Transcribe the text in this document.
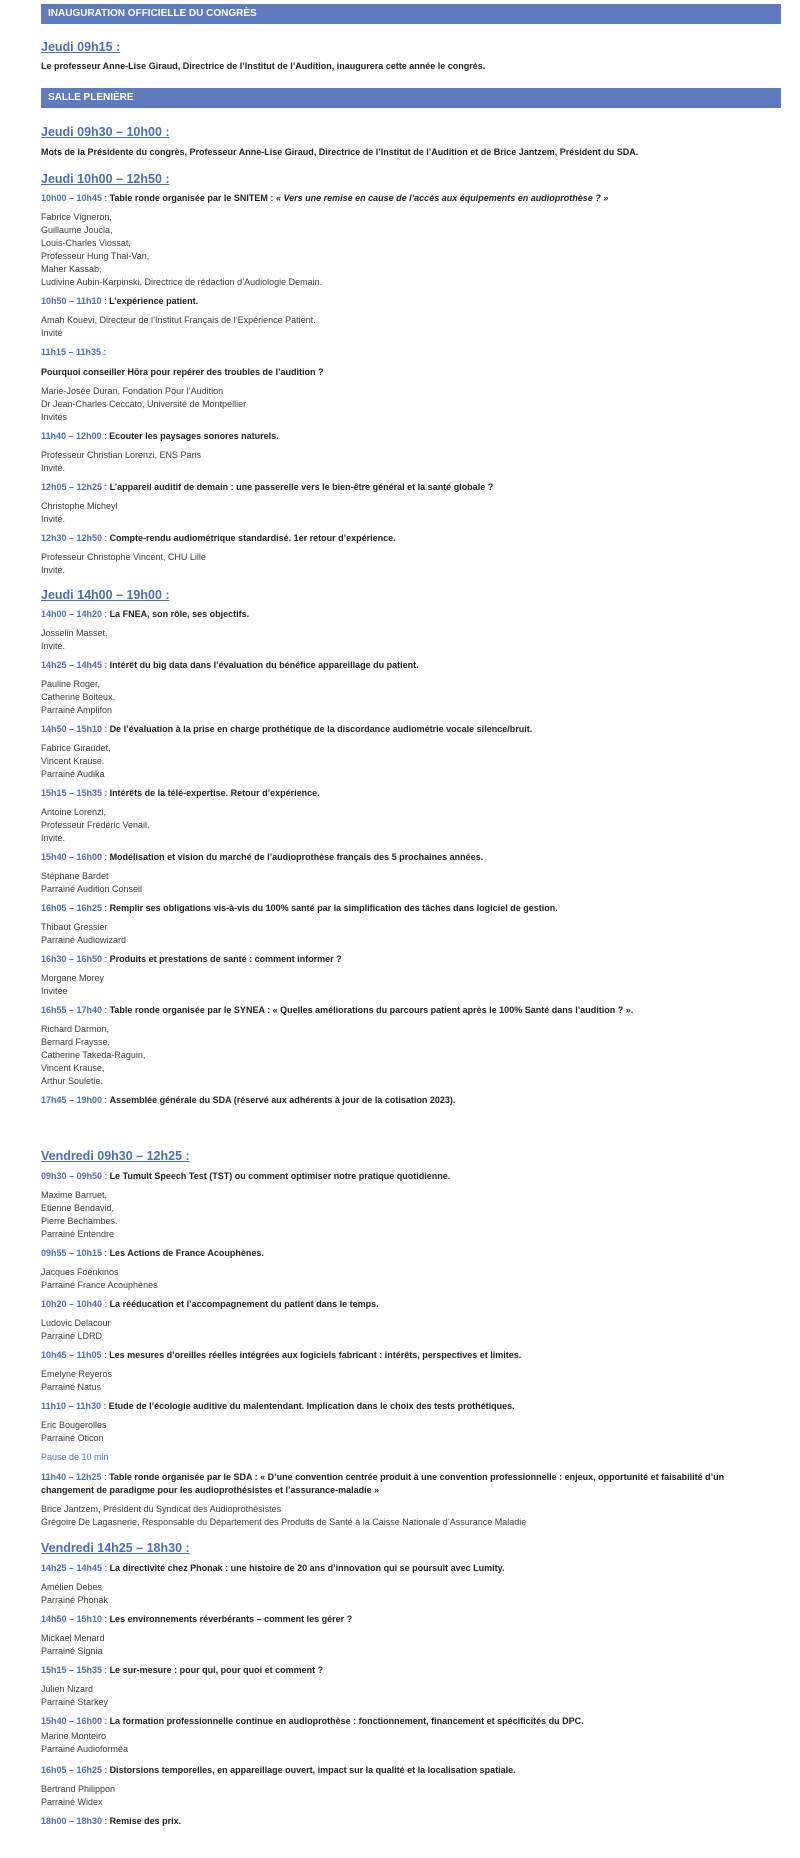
INAUGURATION OFFICIELLE DU CONGRÈS
Jeudi 09h15 :
Le professeur Anne-Lise Giraud, Directrice de l’Institut de l’Audition, inaugurera cette année le congrès.
SALLE PLENIÈRE
Jeudi 09h30 – 10h00 :
Mots de la Présidente du congrès, Professeur Anne-Lise Giraud, Directrice de l’Institut de l’Audition et de Brice Jantzem, Président du SDA.
Jeudi 10h00 – 12h50 :
10h00 – 10h45 : Table ronde organisée par le SNITEM : « Vers une remise en cause de l’accès aux équipements en audioprothèse ? »
Fabrice Vigneron,
Guillaume Joucla,
Louis-Charles Viossat,
Professeur Hung Thai-Van,
Maher Kassab,
Ludivine Aubin-Karpinski, Directrice de rédaction d’Audiologie Demain.
10h50 – 11h10 : L’expérience patient.
Amah Kouevi, Directeur de l’Institut Français de l’Expérience Patient.
Invité
11h15 – 11h35 :
Pourquoi conseiller Hōra pour repérer des troubles de l’audition ?
Marie-Josée Duran, Fondation Pour l’Audition
Dr Jean-Charles Ceccato, Université de Montpellier
Invités
11h40 – 12h00 : Ecouter les paysages sonores naturels.
Professeur Christian Lorenzi, ENS Paris
Invité.
12h05 – 12h25 : L’appareil auditif de demain : une passerelle vers le bien-être général et la santé globale ?
Christophe Micheyl
Invité.
12h30 – 12h50 : Compte-rendu audiométrique standardisé. 1er retour d’expérience.
Professeur Christophe Vincent, CHU Lille
Invité.
Jeudi 14h00 – 19h00 :
14h00 – 14h20 : La FNEA, son rôle, ses objectifs.
Josselin Masset.
Invité.
14h25 – 14h45 : Intérêt du big data dans l’évaluation du bénéfice appareillage du patient.
Pauline Roger,
Catherine Boiteux.
Parrainé Amplifon
14h50 – 15h10 : De l’évaluation à la prise en charge prothétique de la discordance audiométrie vocale silence/bruit.
Fabrice Giraudet,
Vincent Krause.
Parrainé Audika
15h15 – 15h35 : Intérêts de la télé-expertise. Retour d’expérience.
Antoine Lorenzi,
Professeur Frédéric Venail.
Invité.
15h40 – 16h00 : Modélisation et vision du marché de l’audioprothèse français des 5 prochaines années.
Stéphane Bardet
Parrainé Audition Conseil
16h05 – 16h25 : Remplir ses obligations vis-à-vis du 100% santé par la simplification des tâches dans logiciel de gestion.
Thibaut Gressier
Parrainé Audiowizard
16h30 – 16h50 : Produits et prestations de santé : comment informer ?
Morgane Morey
Invitée
16h55 – 17h40 : Table ronde organisée par le SYNEA : « Quelles améliorations du parcours patient après le 100% Santé dans l’audition ? ».
Richard Darmon,
Bernard Fraysse,
Catherine Takeda-Raguin,
Vincent Krause,
Arthur Souletie.
17h45 – 19h00 : Assemblée générale du SDA (réservé aux adhérents à jour de la cotisation 2023).
Vendredi 09h30 – 12h25 :
09h30 – 09h50 : Le Tumult Speech Test (TST) ou comment optimiser notre pratique quotidienne.
Maxime Barruet,
Etienne Bendavid,
Pierre Bechambes.
Parrainé Entendre
09h55 – 10h15 : Les Actions de France Acouphènes.
Jacques Foënkinos
Parrainé France Acouphènes
10h20 – 10h40 : La rééducation et l’accompagnement du patient dans le temps.
Ludovic Delacour
Parrainé LDRD
10h45 – 11h05 : Les mesures d’oreilles réelles intégrées aux logiciels fabricant : intérêts, perspectives et limites.
Emelyne Reyeros
Parrainé Natus
11h10 – 11h30 : Etude de l’écologie auditive du malentendant. Implication dans le choix des tests prothétiques.
Eric Bougerolles
Parrainé Oticon
Pause de 10 min
11h40 – 12h25 : Table ronde organisée par le SDA : « D’une convention centrée produit à une convention professionnelle : enjeux, opportunité et faisabilité d’un
changement de paradigme pour les audioprothésistes et l’assurance-maladie »
Brice Jantzem, Président du Syndicat des Audioprothésistes
Grégoire De Lagasnerie, Responsable du Département des Produits de Santé à la Caisse Nationale d’Assurance Maladie
Vendredi 14h25 – 18h30 :
14h25 – 14h45 : La directivité chez Phonak : une histoire de 20 ans d’innovation qui se poursuit avec Lumity.
Amélien Debes
Parrainé Phonak
14h50 – 15h10 : Les environnements réverbérants – comment les gérer ?
Mickael Menard
Parrainé Signia
15h15 – 15h35 : Le sur-mesure : pour qui, pour quoi et comment ?
Julien Nizard
Parrainé Starkey
15h40 – 16h00 : La formation professionnelle continue en audioprothèse : fonctionnement, financement et spécificités du DPC.
Marine Monteiro
Parrainé Audioformèa
16h05 – 16h25 : Distorsions temporelles, en appareillage ouvert, impact sur la qualité et la localisation spatiale.
Bertrand Philippon
Parrainé Widex
18h00 – 18h30 : Remise des prix.
